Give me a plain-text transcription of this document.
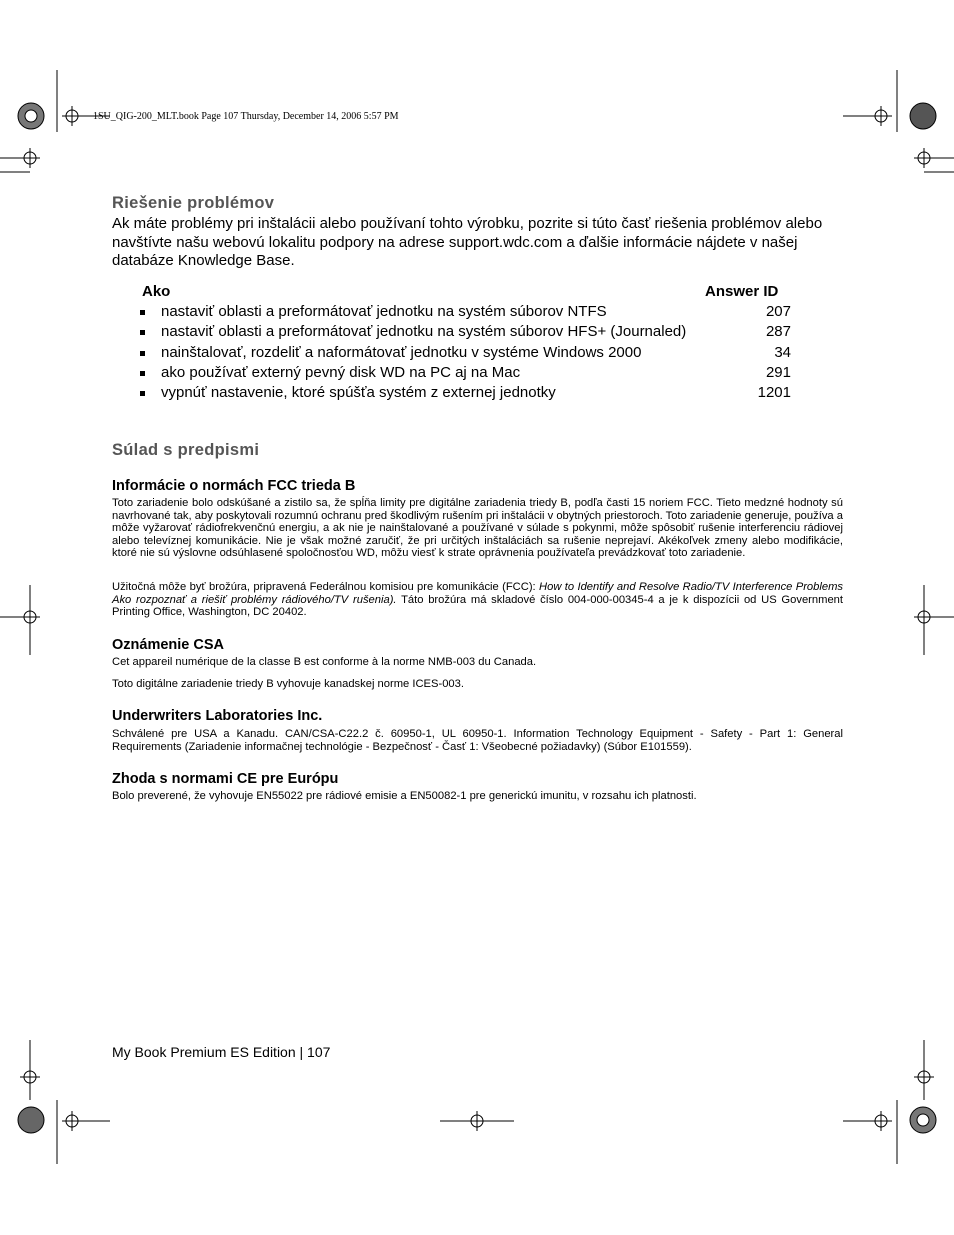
1SU_QIG-200_MLT.book Page 107 Thursday, December 14, 2006 5:57 PM
Riešenie problémov

Ak máte problémy pri inštalácii alebo používaní tohto výrobku, pozrite si túto časť riešenia problémov alebo navštívte našu webovú lokalitu podpory na adrese support.wdc.com a ďalšie informácie nájdete v našej databáze Knowledge Base.

Ako	Answer ID
nastaviť oblasti a preformátovať jednotku na systém súborov NTFS	207
nastaviť oblasti a preformátovať jednotku na systém súborov HFS+ (Journaled)	287
nainštalovať, rozdeliť a naformátovať jednotku v systéme Windows 2000	34
ako používať externý pevný disk WD na PC aj na Mac	291
vypnúť nastavenie, ktoré spúšťa systém z externej jednotky	1201
Súlad s predpismi
Informácie o normách FCC trieda B

Toto zariadenie bolo odskúšané a zistilo sa, že spĺňa limity pre digitálne zariadenia triedy B, podľa časti 15 noriem FCC. Tieto medzné hodnoty sú navrhované tak, aby poskytovali rozumnú ochranu pred škodlivým rušením pri inštalácii v obytných priestoroch. Toto zariadenie generuje, používa a môže vyžarovať rádiofrekvenčnú energiu, a ak nie je nainštalované a používané v súlade s pokynmi, môže spôsobiť rušenie interferenciu rádiovej alebo televíznej komunikácie. Nie je však možné zaručiť, že pri určitých inštaláciách sa rušenie neprejaví. Akékoľvek zmeny alebo modifikácie, ktoré nie sú výslovne odsúhlasené spoločnosťou WD, môžu viesť k strate oprávnenia používateľa prevádzkovať toto zariadenie.

Užitočná môže byť brožúra, pripravená Federálnou komisiou pre komunikácie (FCC): How to Identify and Resolve Radio/TV Interference Problems Ako rozpoznať a riešiť problémy rádiového/TV rušenia). Táto brožúra má skladové číslo 004-000-00345-4 a je k dispozícii od US Government Printing Office, Washington, DC 20402.

Oznámenie CSA

Cet appareil numérique de la classe B est conforme à la norme NMB-003 du Canada.

Toto digitálne zariadenie triedy B vyhovuje kanadskej norme ICES-003.

Underwriters Laboratories Inc.

Schválené pre USA a Kanadu. CAN/CSA-C22.2 č. 60950-1, UL 60950-1. Information Technology Equipment - Safety - Part 1: General Requirements (Zariadenie informačnej technológie - Bezpečnosť - Časť 1: Všeobecné požiadavky) (Súbor E101559).

Zhoda s normami CE pre Európu

Bolo preverené, že vyhovuje EN55022 pre rádiové emisie a EN50082-1 pre generickú imunitu, v rozsahu ich platnosti.

My Book Premium ES Edition | 107
